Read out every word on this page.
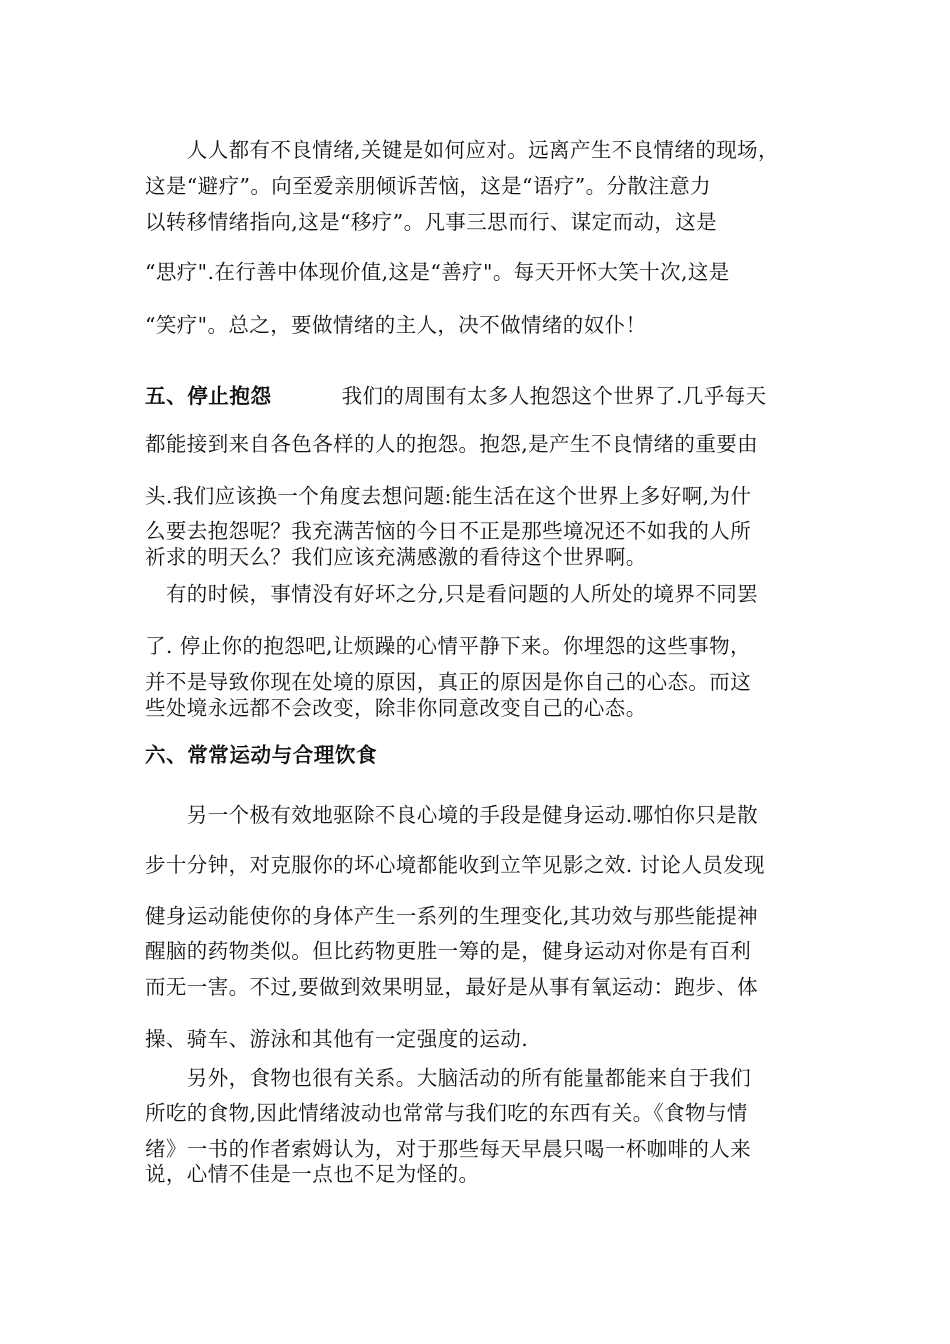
　　人人都有不良情绪,关键是如何应对。远离产生不良情绪的现场，
这是“避疗”。向至爱亲朋倾诉苦恼，这是“语疗”。分散注意力
以转移情绪指向,这是“移疗”。凡事三思而行、谋定而动，这是
“思疗".在行善中体现价值,这是“善疗"。每天开怀大笑十次,这是
“笑疗"。总之，要做情绪的主人，决不做情绪的奴仆！
五、停止抱怨	我们的周围有太多人抱怨这个世界了.几乎每天
都能接到来自各色各样的人的抱怨。抱怨,是产生不良情绪的重要由
头.我们应该换一个角度去想问题:能生活在这个世界上多好啊,为什
么要去抱怨呢？我充满苦恼的今日不正是那些境况还不如我的人所
祈求的明天么？我们应该充满感激的看待这个世界啊。
　有的时候，事情没有好坏之分,只是看问题的人所处的境界不同罢
了. 停止你的抱怨吧,让烦躁的心情平静下来。你埋怨的这些事物，
并不是导致你现在处境的原因，真正的原因是你自己的心态。而这
些处境永远都不会改变，除非你同意改变自己的心态。
六、常常运动与合理饮食
　　另一个极有效地驱除不良心境的手段是健身运动.哪怕你只是散
步十分钟，对克服你的坏心境都能收到立竿见影之效. 讨论人员发现
健身运动能使你的身体产生一系列的生理变化,其功效与那些能提神
醒脑的药物类似。但比药物更胜一筹的是，健身运动对你是有百利
而无一害。不过,要做到效果明显，最好是从事有氧运动：跑步、体
操、骑车、游泳和其他有一定强度的运动.
　　另外，食物也很有关系。大脑活动的所有能量都能来自于我们
所吃的食物,因此情绪波动也常常与我们吃的东西有关。《食物与情
绪》一书的作者索姆认为，对于那些每天早晨只喝一杯咖啡的人来
说，心情不佳是一点也不足为怪的。
